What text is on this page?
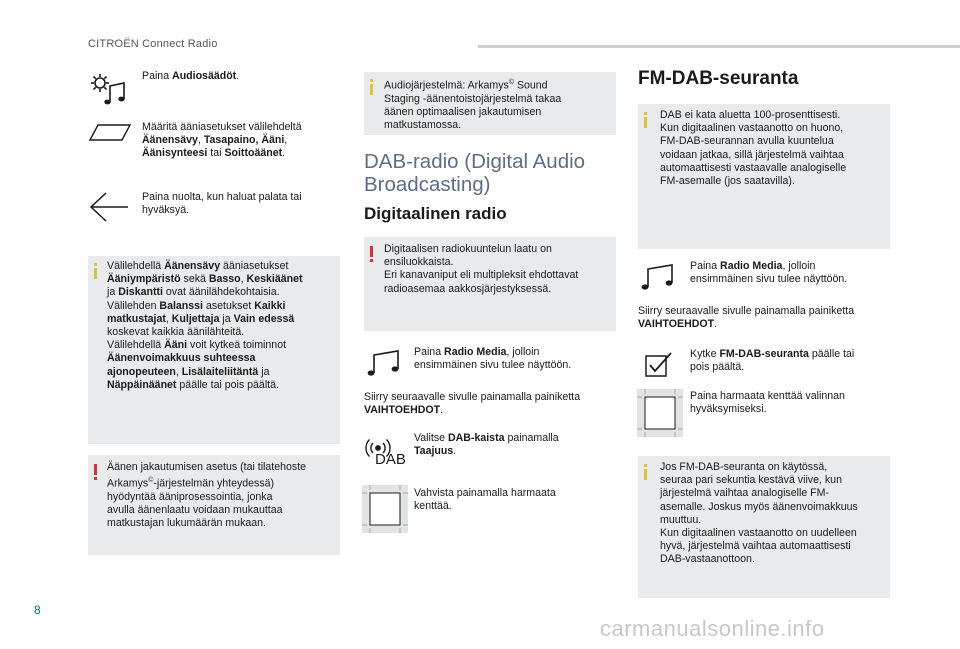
CITROËN Connect Radio
Paina Audiosäädöt.
Määritä ääniasetukset välilehdeltä
Äänensävy, Tasapaino, Ääni,
Äänisynteesi tai Soittoäänet.
Paina nuolta, kun haluat palata tai hyväksyä.
Välilehdellä Äänensävy ääniasetukset
Ääniympäristö sekä Basso, Keskiäänet
ja Diskantti ovat äänilähdekohtaisia.
Välilehden Balanssi asetukset Kaikki
matkustajat, Kuljettaja ja Vain edessä
koskevat kaikkia äänilähteitä.
Välilehdellä Ääni voit kytkeä toiminnot
Äänenvoimakkuus suhteessa
ajonopeuteen, Lisälaiteliitäntä ja
Näppäinäänet päälle tai pois päältä.
Äänen jakautumisen asetus (tai tilatehoste
Arkamys©-järjestelmän yhteydessä)
hyödyntää ääniprosessointia, jonka
avulla äänenlaatu voidaan mukauttaa
matkustajan lukumäärän mukaan.
Audiojärjestelmä: Arkamys© Sound
Staging -äänentoistojärjestelmä takaa
äänen optimaalisen jakautumisen
matkustamossa.
DAB-radio (Digital Audio
Broadcasting)
Digitaalinen radio
Digitaalisen radiokuuntelun laatu on
ensiluokkaista.
Eri kanavaniput eli multipleksit ehdottavat
radioasemaa aakkosjärjestyksessä.
Paina Radio Media, jolloin
ensimmäinen sivu tulee näyttöön.
Siirry seuraavalle sivulle painamalla painiketta
VAIHTOEHDOT.
DAB
Valitse DAB-kaista painamalla
Taajuus.
Vahvista painamalla harmaata
kenttää.
FM-DAB-seuranta
DAB ei kata aluetta 100-prosenttisesti.
Kun digitaalinen vastaanotto on huono,
FM-DAB-seurannan avulla kuuntelua
voidaan jatkaa, sillä järjestelmä vaihtaa
automaattisesti vastaavalle analogiselle
FM-asemalle (jos saatavilla).
Paina Radio Media, jolloin
ensimmäinen sivu tulee näyttöön.
Siirry seuraavalle sivulle painamalla painiketta
VAIHTOEHDOT.
Kytke FM-DAB-seuranta päälle tai
pois päältä.
Paina harmaata kenttää valinnan
hyväksymiseksi.
Jos FM-DAB-seuranta on käytössä,
seuraa pari sekuntia kestävä viive, kun
järjestelmä vaihtaa analogiselle FM-
asemalle. Joskus myös äänenvoimakkuus
muuttuu.
Kun digitaalinen vastaanotto on uudelleen
hyvä, järjestelmä vaihtaa automaattisesti
DAB-vastaanottoon.
8
carmanualsonline.info
